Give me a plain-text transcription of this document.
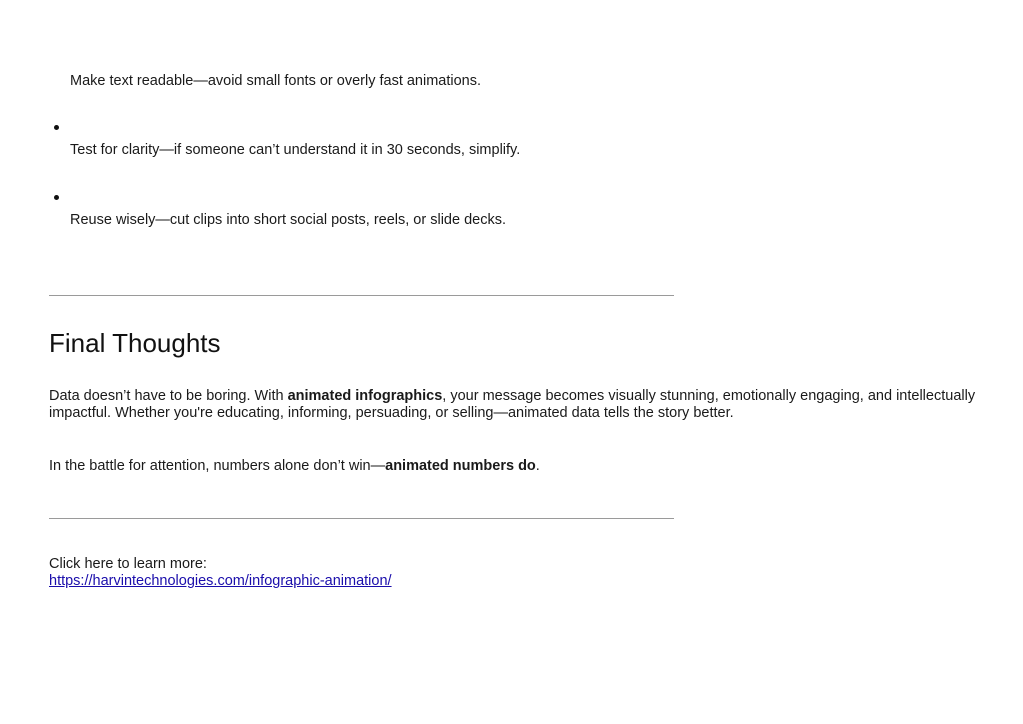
Make text readable—avoid small fonts or overly fast animations.
Test for clarity—if someone can’t understand it in 30 seconds, simplify.
Reuse wisely—cut clips into short social posts, reels, or slide decks.
Final Thoughts

Data doesn’t have to be boring. With animated infographics, your message becomes visually stunning, emotionally engaging, and intellectually impactful. Whether you're educating, informing, persuading, or selling—animated data tells the story better.

In the battle for attention, numbers alone don’t win—animated numbers do.

Click here to learn more:
https://harvintechnologies.com/infographic-animation/
